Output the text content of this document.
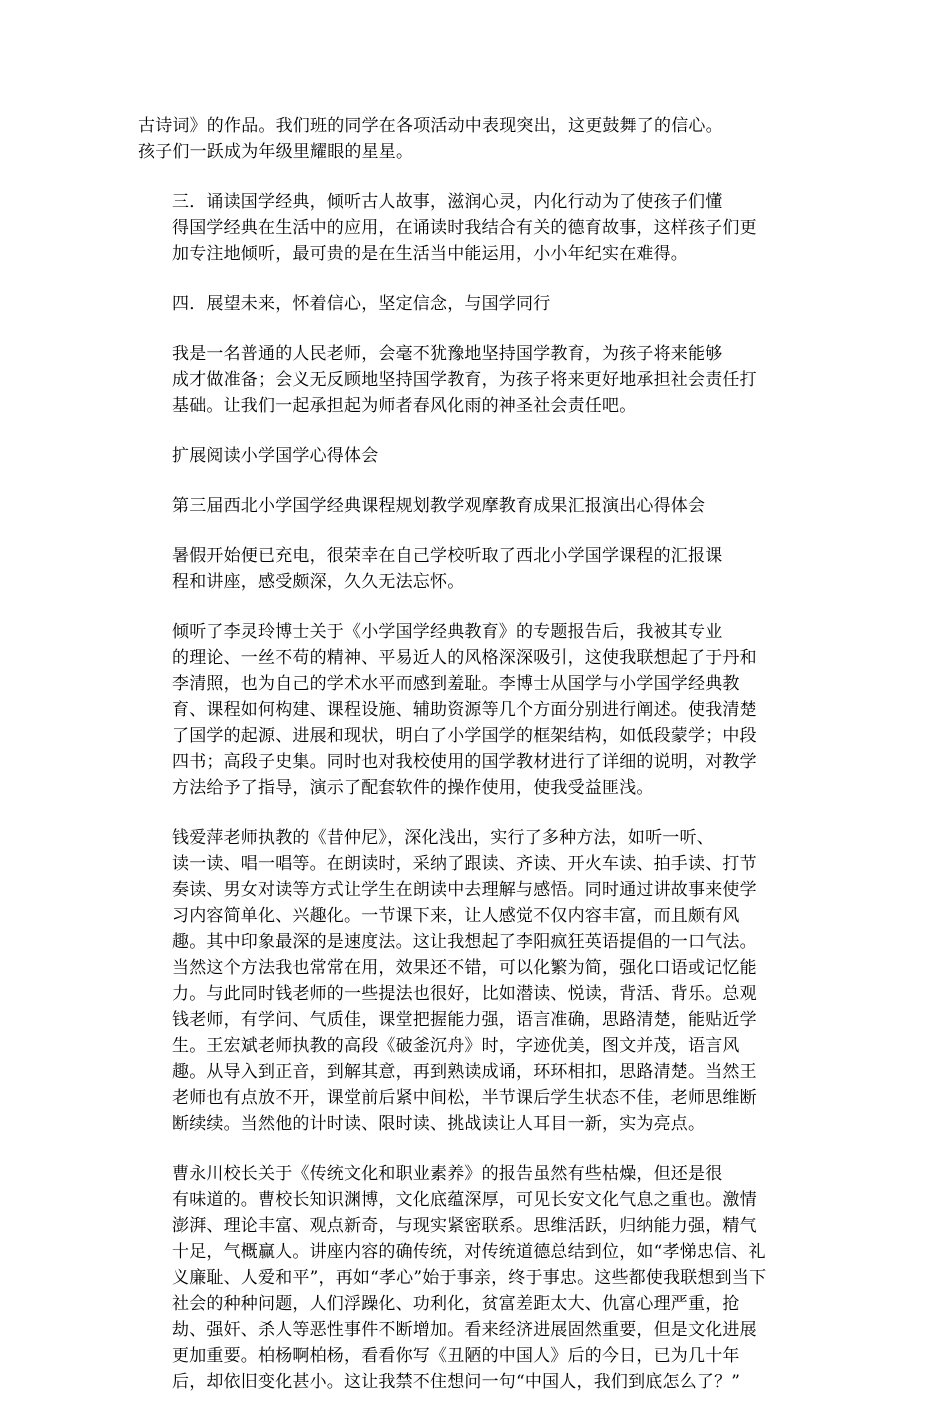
古诗词》的作品。我们班的同学在各项活动中表现突出，这更鼓舞了的信心。
孩子们一跃成为年级里耀眼的星星。

三．诵读国学经典，倾听古人故事，滋润心灵，内化行动为了使孩子们懂
得国学经典在生活中的应用，在诵读时我结合有关的德育故事，这样孩子们更
加专注地倾听，最可贵的是在生活当中能运用，小小年纪实在难得。

四．展望未来，怀着信心，坚定信念，与国学同行

我是一名普通的人民老师，会毫不犹豫地坚持国学教育，为孩子将来能够
成才做准备；会义无反顾地坚持国学教育，为孩子将来更好地承担社会责任打
基础。让我们一起承担起为师者春风化雨的神圣社会责任吧。

扩展阅读小学国学心得体会

第三届西北小学国学经典课程规划教学观摩教育成果汇报演出心得体会

暑假开始便已充电，很荣幸在自己学校听取了西北小学国学课程的汇报课
程和讲座，感受颇深，久久无法忘怀。

倾听了李灵玲博士关于《小学国学经典教育》的专题报告后，我被其专业
的理论、一丝不苟的精神、平易近人的风格深深吸引，这使我联想起了于丹和
李清照，也为自己的学术水平而感到羞耻。李博士从国学与小学国学经典教
育、课程如何构建、课程设施、辅助资源等几个方面分别进行阐述。使我清楚
了国学的起源、进展和现状，明白了小学国学的框架结构，如低段蒙学；中段
四书；高段子史集。同时也对我校使用的国学教材进行了详细的说明，对教学
方法给予了指导，演示了配套软件的操作使用，使我受益匪浅。

钱爱萍老师执教的《昔仲尼》，深化浅出，实行了多种方法，如听一听、
读一读、唱一唱等。在朗读时，采纳了跟读、齐读、开火车读、拍手读、打节
奏读、男女对读等方式让学生在朗读中去理解与感悟。同时通过讲故事来使学
习内容简单化、兴趣化。一节课下来，让人感觉不仅内容丰富，而且颇有风
趣。其中印象最深的是速度法。这让我想起了李阳疯狂英语提倡的一口气法。
当然这个方法我也常常在用，效果还不错，可以化繁为简，强化口语或记忆能
力。与此同时钱老师的一些提法也很好，比如潜读、悦读，背活、背乐。总观
钱老师，有学问、气质佳，课堂把握能力强，语言准确，思路清楚，能贴近学
生。王宏斌老师执教的高段《破釜沉舟》时，字迹优美，图文并茂，语言风
趣。从导入到正音，到解其意，再到熟读成诵，环环相扣，思路清楚。当然王
老师也有点放不开，课堂前后紧中间松，半节课后学生状态不佳，老师思维断
断续续。当然他的计时读、限时读、挑战读让人耳目一新，实为亮点。

曹永川校长关于《传统文化和职业素养》的报告虽然有些枯燥，但还是很
有味道的。曹校长知识渊博，文化底蕴深厚，可见长安文化气息之重也。激情
澎湃、理论丰富、观点新奇，与现实紧密联系。思维活跃，归纳能力强，精气
十足，气概赢人。讲座内容的确传统，对传统道德总结到位，如“孝悌忠信、礼
义廉耻、人爱和平”，再如“孝心”始于事亲，终于事忠。这些都使我联想到当下
社会的种种问题，人们浮躁化、功利化，贫富差距太大、仇富心理严重，抢
劫、强奸、杀人等恶性事件不断增加。看来经济进展固然重要，但是文化进展
更加重要。柏杨啊柏杨，看看你写《丑陋的中国人》后的今日，已为几十年
后，却依旧变化甚小。这让我禁不住想问一句“中国人，我们到底怎么了？”
